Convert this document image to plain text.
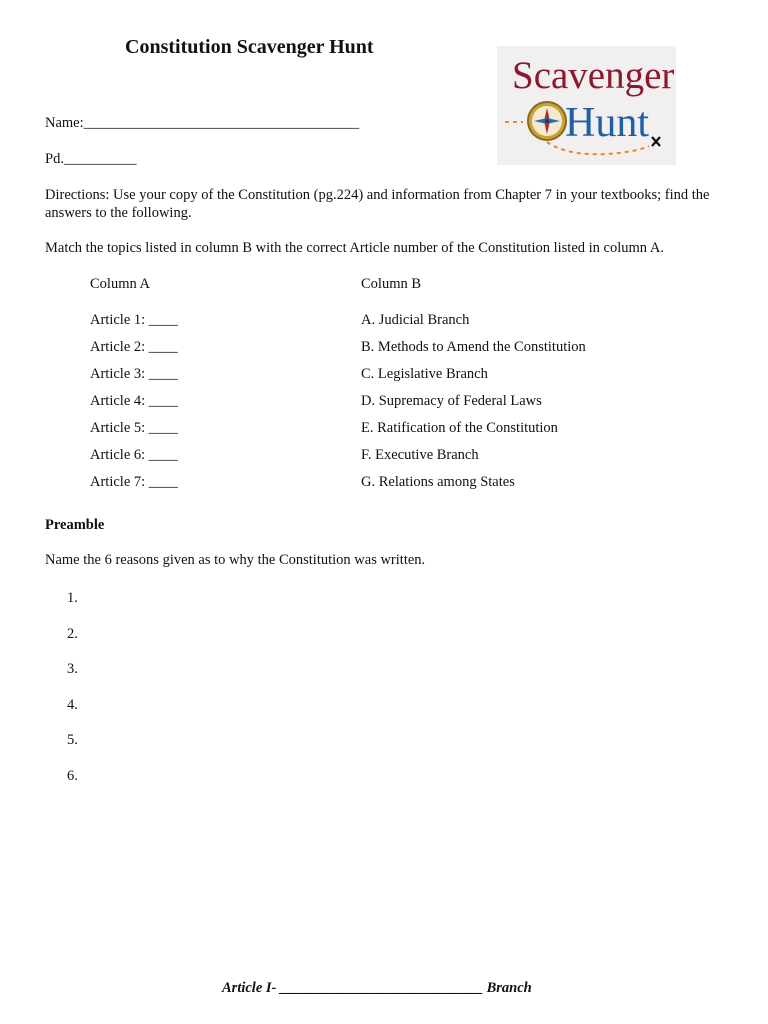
Constitution Scavenger Hunt
Scavenger
Hunt
Name:______________________________________
Pd.__________
Directions: Use your copy of the Constitution (pg.224) and information from Chapter 7 in your textbooks; find the answers to the following.
Match the topics listed in column B with the correct Article number of the Constitution listed in column A.
Column A	Column B
Article 1: ____
Article 2: ____
Article 3: ____
Article 4: ____
Article 5: ____
Article 6: ____
Article 7: ____
A. Judicial Branch
B. Methods to Amend the Constitution
C. Legislative Branch
D. Supremacy of Federal Laws
E. Ratification of the Constitution
F. Executive Branch
G. Relations among States
Preamble
Name the 6 reasons given as to why the Constitution was written.
1.
2.
3.
4.
5.
6.
Article I- ____________________________ Branch
